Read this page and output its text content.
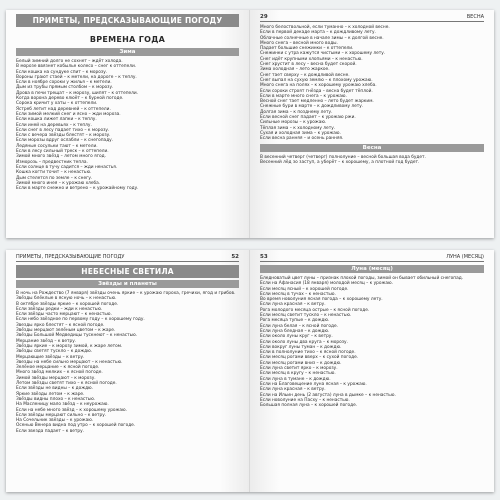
ПРИМЕТЫ, ПРЕДСКАЗЫВАЮЩИЕ ПОГОДУ
ВРЕМЕНА ГОДА
Зима

Белый зимний долго не сохнет – ждёт холода.

В морозе ввязнет кобылье колесо – снег к оттепели.

Если кошка на сундуке спит – к морозу.

Вороны грают стаей – к метели, на дороге – к теплу.

Если в ноябре сороки у жилья – к метели.

Дым из трубы прямым столбом – к морозу.

Дрова в печи трещат – к морозу, шипят – к оттепели.

Когда ворона дерево клюёт – к бурной погоде.

Сорока кричит у хаты – к оттепели.

Ястреб летит над деревней – к оттепели.

Если зимой мелкий снег и ясно – жди мороза.

Если кошка лижет лапки – к теплу.

Если иней на деревьях – к теплу.

Если снег в лесу падает тихо – к морозу.

Если с вечера звёзды блестят – к морозу.

Если морозы вдруг ослабли – к снегопаду.

Ледяные сосульки тают – к метели.

Если в лесу сильный треск – к оттепели.

Зимой много звёзд – летом много ягод.

Изморозь – предвестник тепла.

Если солнце в тучу садится – жди ненастья.

Кошка когти точит – к ненастью.

Дым стелется по земле – к снегу.

Зимой много инея – к урожаю хлеба.

Если в марте снежно и ветрено – к урожайному году.

29	ВЕСНА

Много белоствольной, если туманно – к холодной весне.

Если в первой декаде марта – к дождливому лету.

Облачные солнечные в начале зимы – к долгой весне.

Много снега – весной много воды.

Падает большие снежинки – к оттепели.

Снежинки с утра кажутся чистыми – к хорошему лету.

Снег идёт крупными хлопьями – к ненастью.

Снег хрустит в лесу – весна будет скорой.

Зима холодная – лето жаркое.

Снег тает сверху – к дождливой весне.

Снег выпал на сухую землю – к плохому урожаю.

Много снега на полях – к хорошему урожаю хлеба.

Если сороки строят гнёзда – весна будет тёплой.

Если в марте много снега – к урожаю.

Весной снег тает медленно – лето будет жарким.

Снежные бури в марте – к дождливому лету.

Долгая зима – к позднему лету.

Если весной снег падает – к урожаю ржи.

Сильные морозы – к урожаю.

Тёплая зима – к холодному лету.

Сухая и холодная зима – к урожаю.

Если весна ранняя – и осень ранняя.

Весна

В весенний четверг (четверг) полнолуние – весной большая вода будет.

Весенний лёд зо заступ, а уберёт – к хорошему, а плотной год будет.

ПРИМЕТЫ, ПРЕДСКАЗЫВАЮЩИЕ ПОГОДУ	52
НЕБЕСНЫЕ СВЕТИЛА
Звёзды и планеты

В ночь на Рождество (7 января) звёзды очень яркие – к урожаю гороха, гречихи, ягод и грибов.

Звёзды блёклые в ясную ночь – к ненастью.

В октябре звёзды яркие – к хорошей погоде.

Если звёзды редки – жди к ненастью.

Если звёзды часто мерцают – к ненастью.

Если небо звёздное по первому году – к хорошему году.

Звезды ярко блестят – к ясной погоде.

Звёзды мерцают зелёным цветом – к жаре.

Звёзды Большой Медведицы тускнеют – к ненастью.

Мерцание звёзд – к ветру.

Звёзды яркие – к морозу зимой, к жаре летом.

Звёзды светят тускло – к дождю.

Мерцающие звёзды – к ветру.

Звезды на небе сильно мерцают – к ненастью.

Зелёное мерцание – к ясной погоде.

Много звёзд мелких – к ясной погоде.

Зимой звёзды мерцают – к морозу.

Летом звёзды светят тихо – к ясной погоде.

Если звёзды не видны – к дождю.

Яркие звёзды летом – к жаре.

Звёзды видны плохо – к ненастью.

На Масленицу мало звёзд – к неурожаю.

Если на небе много звёзд – к хорошему урожаю.

Если звёзды мерцают сильно – к ветру.

На Сочельник звёзды – к урожаю.

Осенью Венера видна под утро – к хорошей погоде.

Если звезда падает – к ветру.

53	ЛУНА (МЕСЯЦ)
Луна (месяц)

Бледноватый цвет луны – признак плохой погоды, зимой он бывает обильный снегопад.

Если на Афанасия (18 января) молодой месяц – к урожаю.

Если месяц ясный – к хорошей погоде.

Если месяц в тучах – к ненастью.

Во время новолуния ясная погода – к хорошему лету.

Если луна красная – к ветру.

Рога молодого месяца острые – к ясной погоде.

Если месяц светит тускло – к ненастью.

Рога месяца тупые – к дождю.

Если луна белая – к ясной погоде.

Если луна бледная – к дождю.

Если около луны круг – к ветру.

Если около луны два круга – к морозу.

Если вокруг луны туман – к дождю.

Если в полнолуние тихо – к ясной погоде.

Если месяц рогами вверх – к сухой погоде.

Если месяц рогами вниз – к дождю.

Если луна светит ярко – к морозу.

Если месяц в кругу – к ненастью.

Если луна в тумане – к дождю.

Если на Благовещение луна ясная – к урожаю.

Если луна красная – к ветру.

Если на Ильин день (2 августа) луна в дымке – к ненастью.

Если новолуние на Пасху – к ненастью.

Большая полная луна – к хорошей погоде.
